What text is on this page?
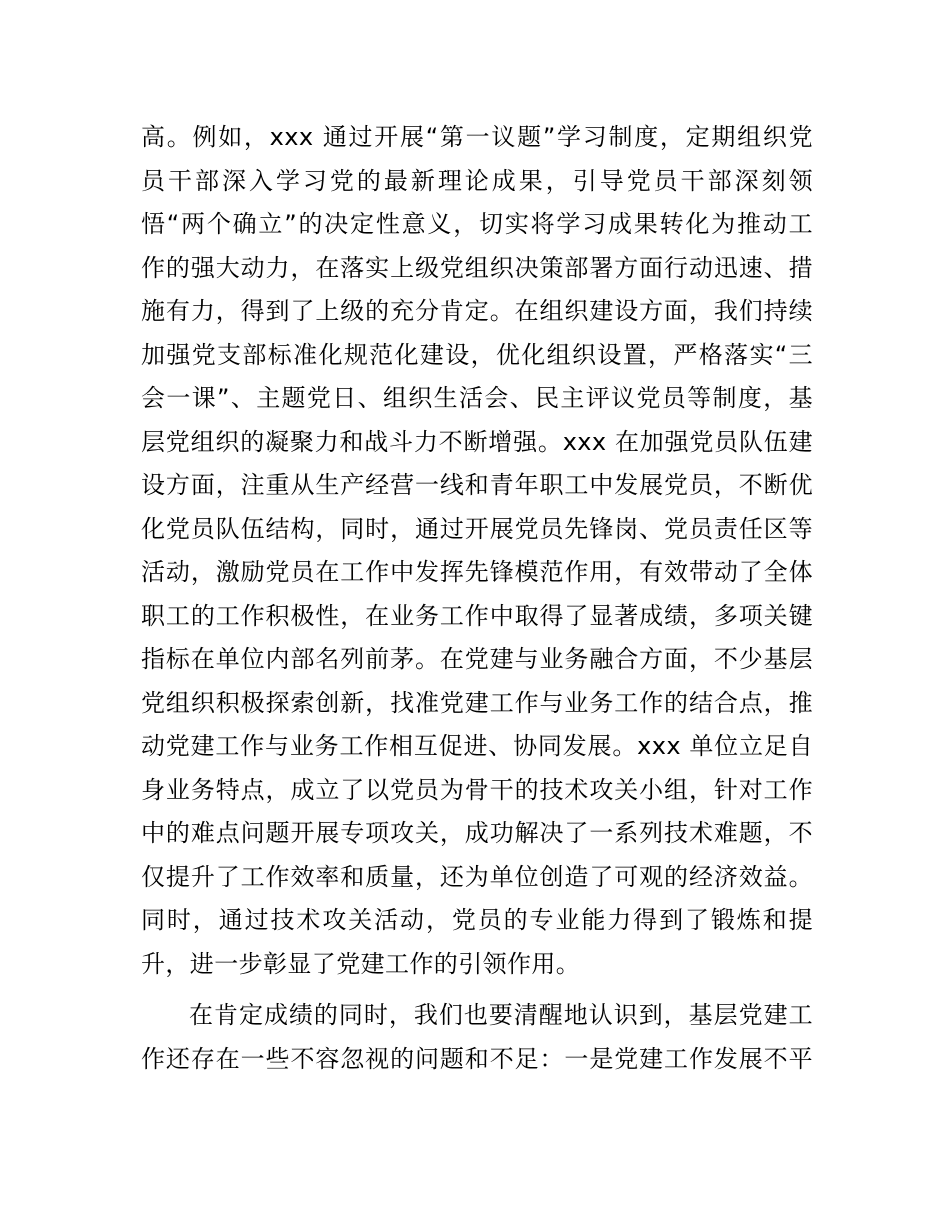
高。例如，xxx 通过开展“第一议题”学习制度，定期组织党
员干部深入学习党的最新理论成果，引导党员干部深刻领
悟“两个确立”的决定性意义，切实将学习成果转化为推动工
作的强大动力，在落实上级党组织决策部署方面行动迅速、措
施有力，得到了上级的充分肯定。在组织建设方面，我们持续
加强党支部标准化规范化建设，优化组织设置，严格落实“三
会一课”、主题党日、组织生活会、民主评议党员等制度，基
层党组织的凝聚力和战斗力不断增强。xxx 在加强党员队伍建
设方面，注重从生产经营一线和青年职工中发展党员，不断优
化党员队伍结构，同时，通过开展党员先锋岗、党员责任区等
活动，激励党员在工作中发挥先锋模范作用，有效带动了全体
职工的工作积极性，在业务工作中取得了显著成绩，多项关键
指标在单位内部名列前茅。在党建与业务融合方面，不少基层
党组织积极探索创新，找准党建工作与业务工作的结合点，推
动党建工作与业务工作相互促进、协同发展。xxx 单位立足自
身业务特点，成立了以党员为骨干的技术攻关小组，针对工作
中的难点问题开展专项攻关，成功解决了一系列技术难题，不
仅提升了工作效率和质量，还为单位创造了可观的经济效益。
同时，通过技术攻关活动，党员的专业能力得到了锻炼和提
升，进一步彰显了党建工作的引领作用。
在肯定成绩的同时，我们也要清醒地认识到，基层党建工
作还存在一些不容忽视的问题和不足：一是党建工作发展不平
